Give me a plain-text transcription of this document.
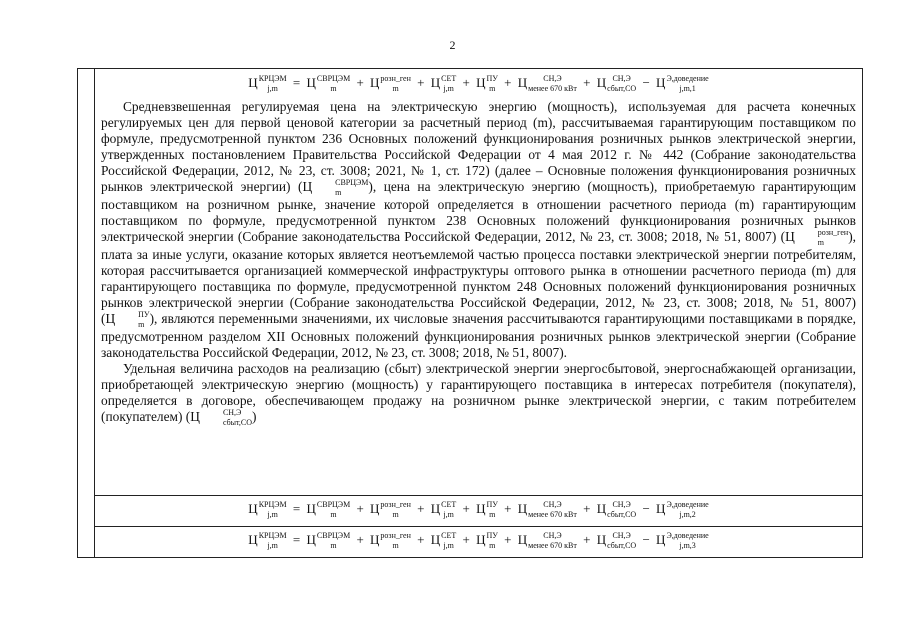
2
Ц КРЦЭМ
j,m	= Ц СВРЦЭМ
m	+ Ц розн_ген
m	+ Ц СЕТ
j,m + Ц ПУ
m + Ц	СН,Э
менее 670 кВт + Ц СН,Э
сбыт,СО − Ц Э,доведение
j,m,1

Средневзвешенная регулируемая цена на электрическую энергию (мощность), используемая для расчета конечных регулируемых цен для первой ценовой категории за расчетный период (m), рассчитываемая гарантирующим поставщиком по формуле, предусмотренной пунктом 236 Основных положений функционирования розничных рынков электрической энергии, утвержденных постановлением Правительства Российской Федерации от 4 мая 2012 г. № 442 (Собрание законодательства Российской Федерации, 2012, № 23, ст. 3008; 2021, № 1, ст. 172) (далее – Основные положения функционирования розничных рынков электрической энергии) (Ц	СВРЦЭМ
m	), цена на электрическую энергию (мощность), приобретаемую гарантирующим поставщиком на розничном рынке, значение которой определяется в отношении расчетного периода (m) гарантирующим поставщиком по формуле, предусмотренной пунктом 238 Основных положений функционирования розничных рынков электрической энергии (Собрание законодательства Российской Федерации, 2012, № 23, ст. 3008; 2018, № 51, 8007) (Ц	розн_ген
m	), плата за иные услуги, оказание которых является неотъемлемой частью процесса поставки электрической энергии потребителям, которая рассчитывается организацией коммерческой инфраструктуры оптового рынка в отношении расчетного периода (m) для гарантирующего поставщика по формуле, предусмотренной пунктом 248 Основных положений функционирования розничных рынков электрической энергии (Собрание законодательства Российской Федерации, 2012, № 23, ст. 3008; 2018, № 51, 8007) (Ц	ПУ
m ), являются переменными значениями, их числовые значения рассчитываются гарантирующими поставщиками в порядке, предусмотренном разделом XII Основных положений функционирования розничных рынков электрической энергии (Собрание законодательства Российской Федерации, 2012, № 23, ст. 3008; 2018, № 51, 8007).

Удельная величина расходов на реализацию (сбыт) электрической энергии энергосбытовой, энергоснабжающей организации, приобретающей электрическую энергию (мощность) у гарантирующего поставщика в интересах потребителя (покупателя), определяется в договоре, обеспечивающем продажу на розничном рынке электрической энергии, с таким потребителем (покупателем) (Ц	СН,Э
сбыт,СО )

Ц КРЦЭМ
j,m	= Ц СВРЦЭМ
m	+ Ц розн_ген
m	+ Ц СЕТ
j,m + Ц ПУ
m + Ц	СН,Э
менее 670 кВт + Ц СН,Э
сбыт,СО − Ц Э,доведение
j,m,2
Ц КРЦЭМ
j,m	= Ц СВРЦЭМ
m	+ Ц розн_ген
m	+ Ц СЕТ
j,m + Ц ПУ
m + Ц	СН,Э
менее 670 кВт + Ц СН,Э
сбыт,СО − Ц Э,доведение
j,m,3
